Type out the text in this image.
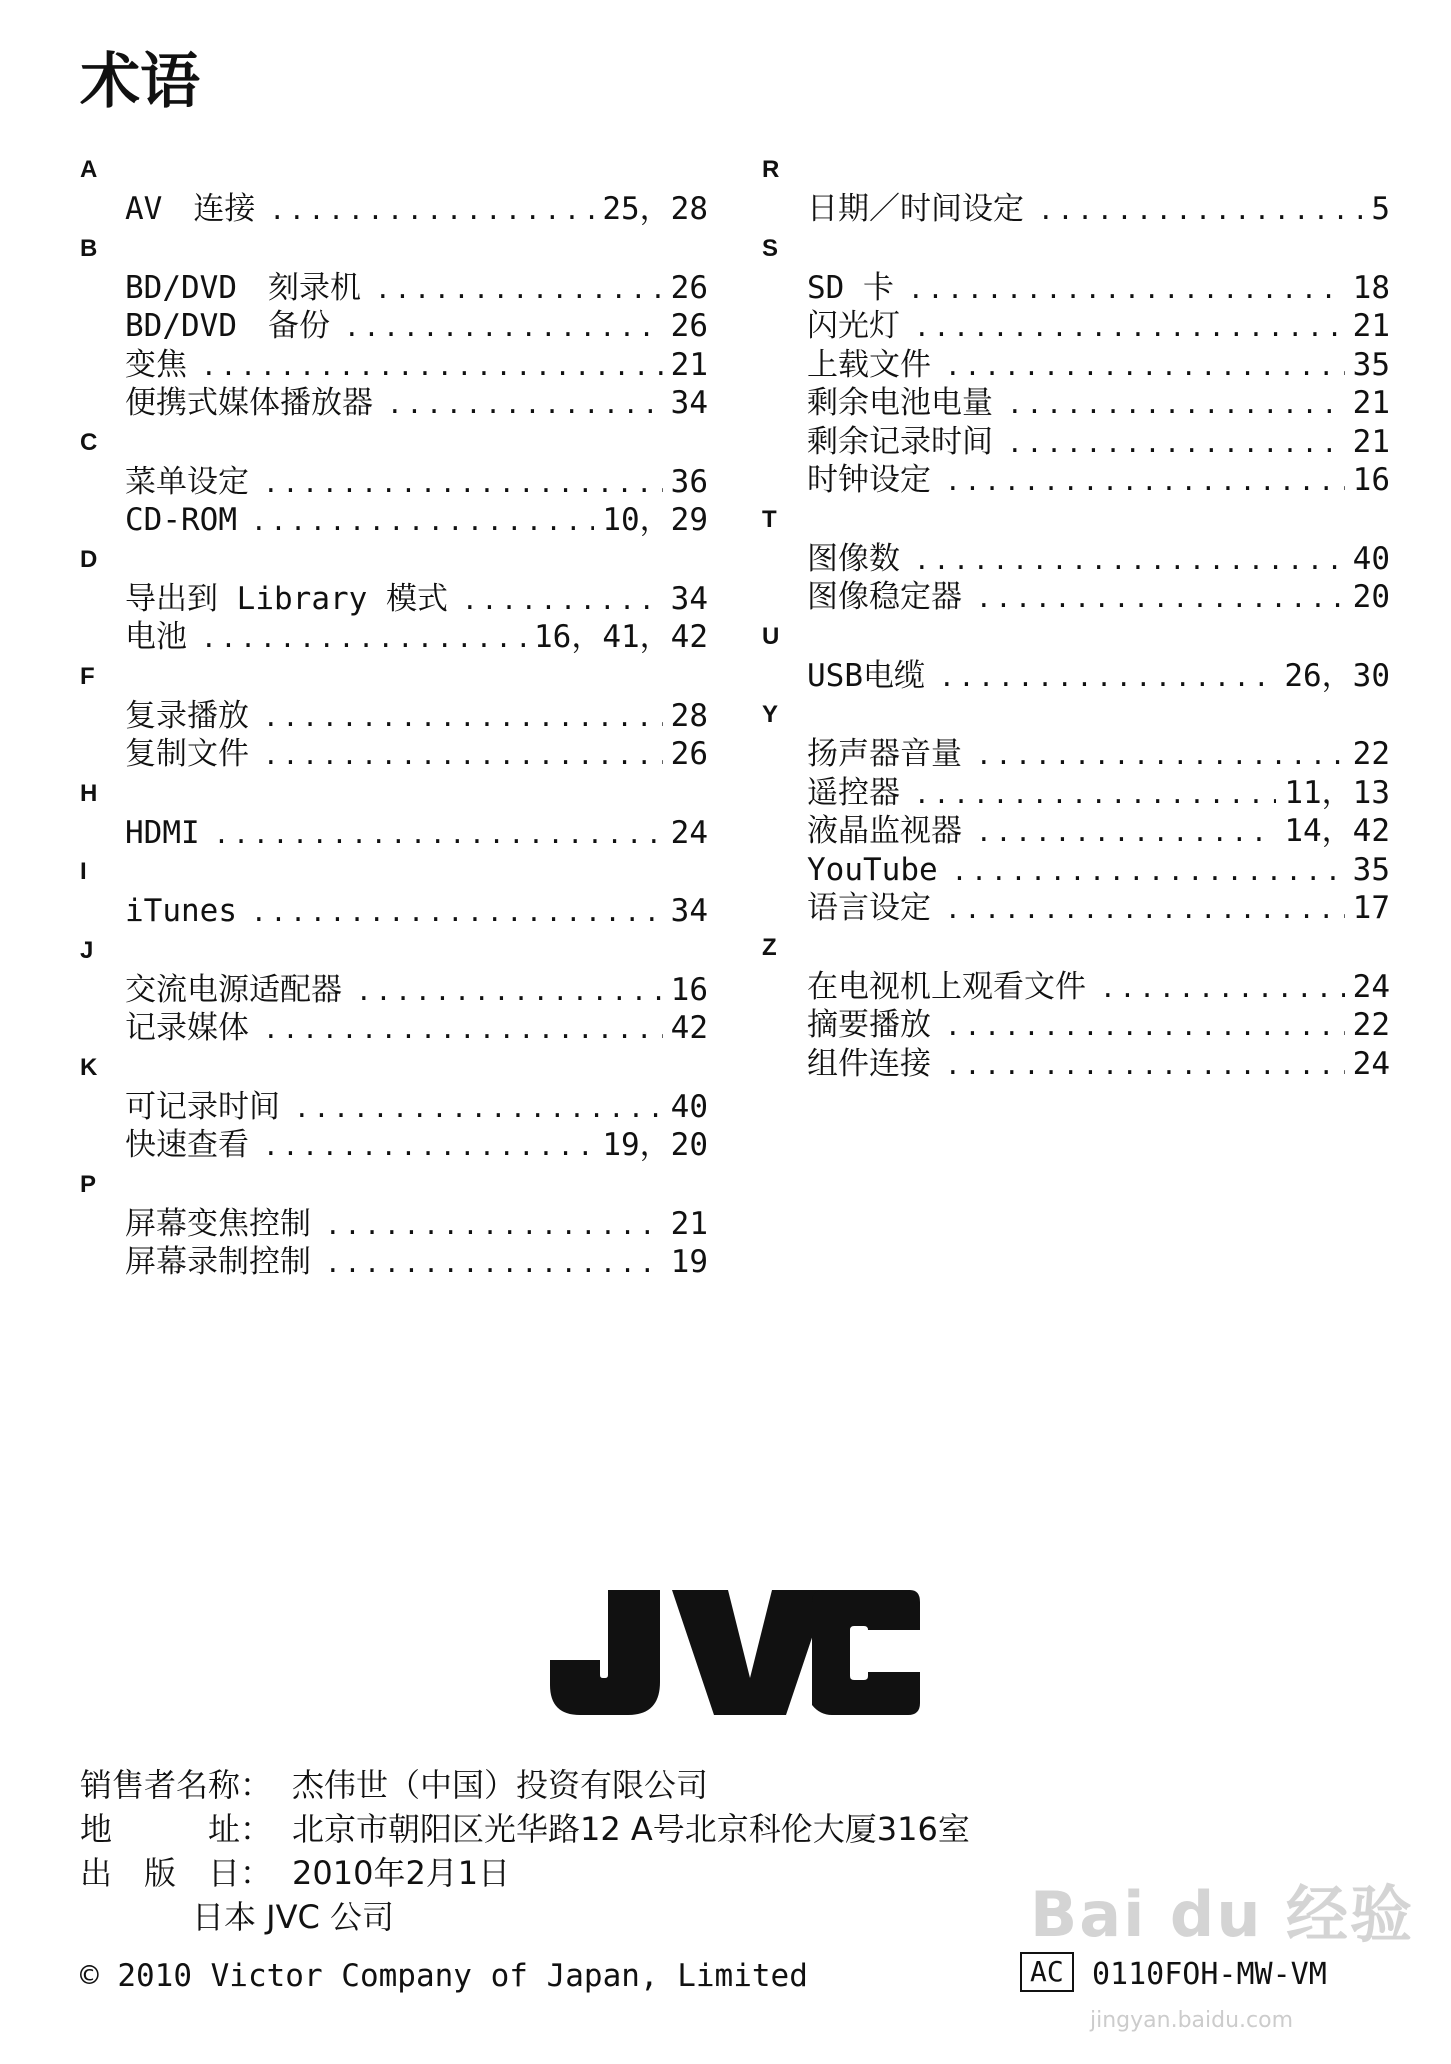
术语
A
AV　连接 .....	25，28
B
BD/DVD　刻录机 .....	26
BD/DVD　备份 .....	26
变焦 .....	21
便携式媒体播放器 .....	34
C
菜单设定 .....	36
CD-ROM .....	10，29
D
导出到 Library 模式 .....	34
电池 .....	16，41，42
F
复录播放 .....	28
复制文件 .....	26
H
HDMI .....	24
I
iTunes .....	34
J
交流电源适配器 .....	16
记录媒体 .....	42
K
可记录时间 .....	40
快速查看 .....	19，20
P
屏幕变焦控制 .....	21
屏幕录制控制 .....	19
R
日期／时间设定 .....	5
S
SD 卡 .....	18
闪光灯 .....	21
上载文件 .....	35
剩余电池电量 .....	21
剩余记录时间 .....	21
时钟设定 .....	16
T
图像数 .....	40
图像稳定器 .....	20
U
USB电缆 .....	26，30
Y
扬声器音量 .....	22
遥控器 .....	11，13
液晶监视器 .....	14，42
YouTube .....	35
语言设定 .....	17
Z
在电视机上观看文件 .....	24
摘要播放 .....	22
组件连接 .....	24
销售者名称： 杰伟世（中国）投资有限公司
地　　　址： 北京市朝阳区光华路12 A号北京科伦大厦316室
出　版　日： 2010年2月1日
日本 JVC 公司	Bai du 经验
jingyan.baidu.com
© 2010 Victor Company of Japan, Limited	AC 0110FOH-MW-VM
